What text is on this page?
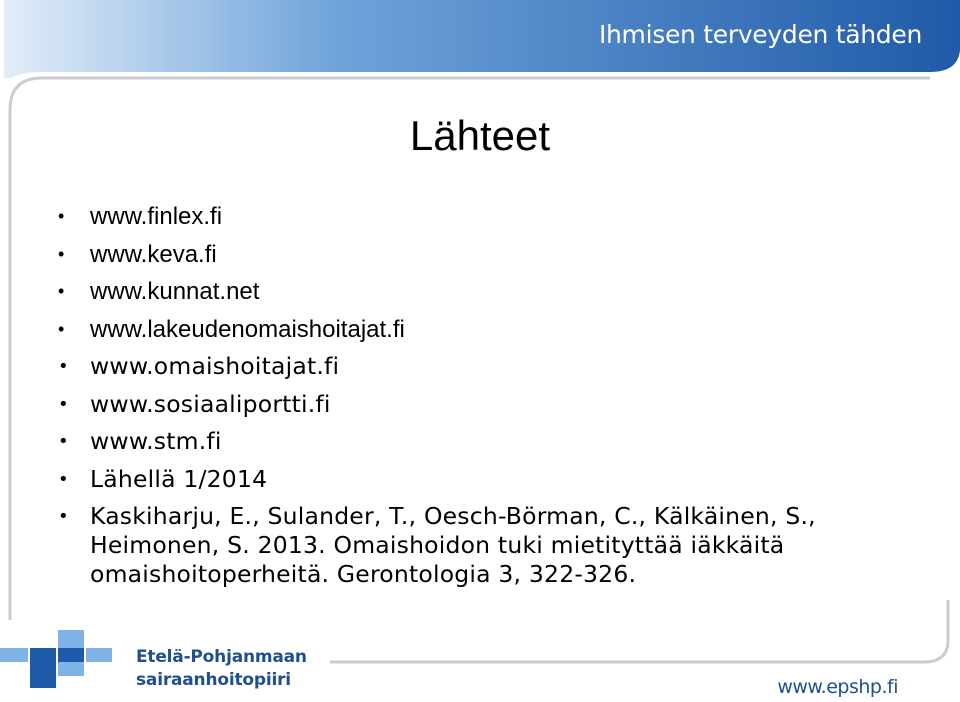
Ihmisen terveyden tähden
Lähteet
• www.finlex.fi
• www.keva.fi
• www.kunnat.net
• www.lakeudenomaishoitajat.fi
• www.omaishoitajat.fi
• www.sosiaaliportti.fi
• www.stm.fi
• Lähellä 1/2014
• Kaskiharju, E., Sulander, T., Oesch-Börman, C., Kälkäinen, S., Heimonen, S. 2013. Omaishoidon tuki mietityttää iäkkäitä omaishoitoperheitä. Gerontologia 3, 322-326.
Etelä-Pohjanmaan
sairaanhoitopiiri	www.epshp.fi
